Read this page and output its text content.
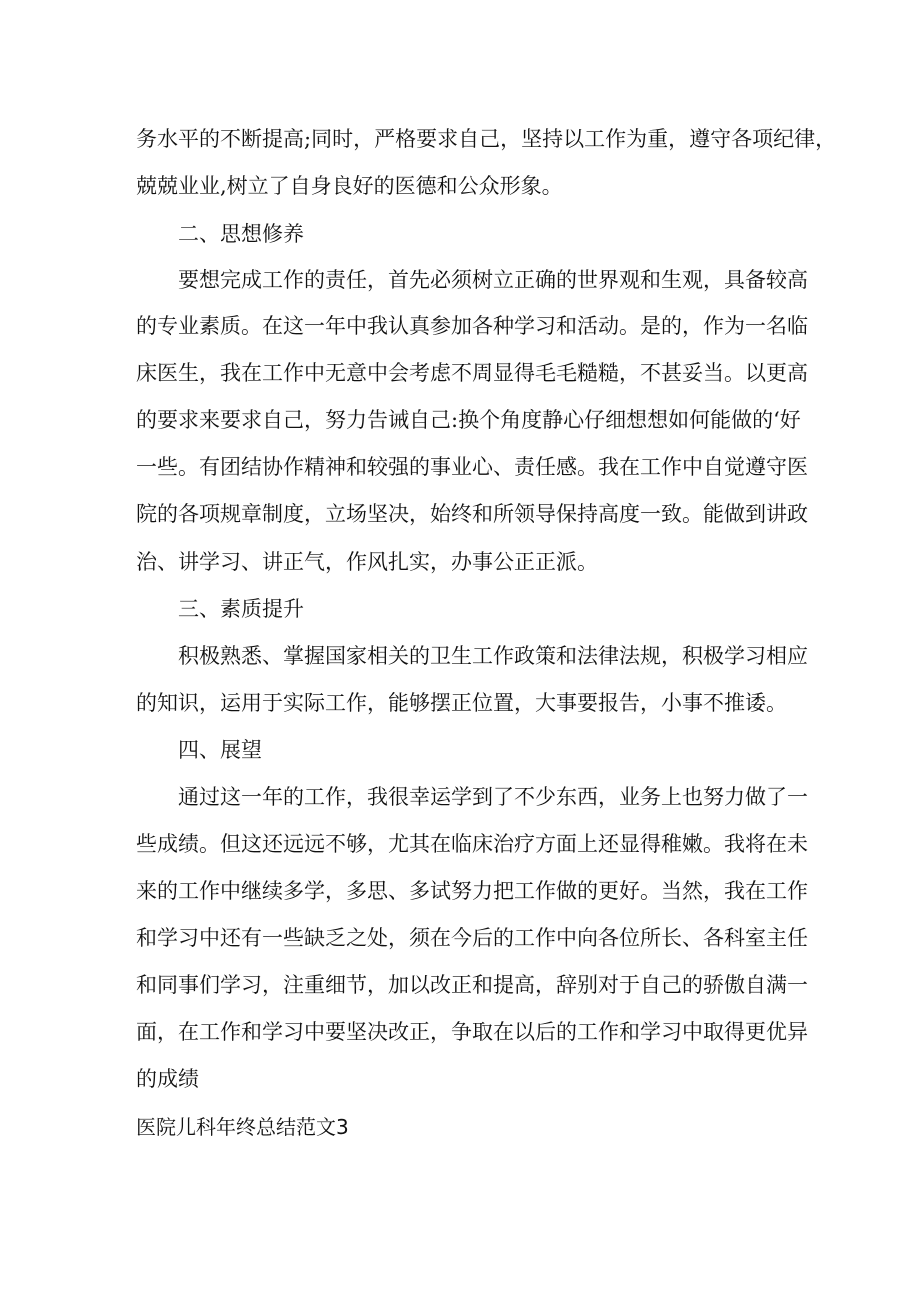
务水平的不断提高;同时，严格要求自己，坚持以工作为重，遵守各项纪律，
兢兢业业,树立了自身良好的医德和公众形象。
二、思想修养
要想完成工作的责任，首先必须树立正确的世界观和生观，具备较高
的专业素质。在这一年中我认真参加各种学习和活动。是的，作为一名临
床医生，我在工作中无意中会考虑不周显得毛毛糙糙，不甚妥当。以更高
的要求来要求自己，努力告诫自己:换个角度静心仔细想想如何能做的‘好
一些。有团结协作精神和较强的事业心、责任感。我在工作中自觉遵守医
院的各项规章制度，立场坚决，始终和所领导保持高度一致。能做到讲政
治、讲学习、讲正气，作风扎实，办事公正正派。
三、素质提升
积极熟悉、掌握国家相关的卫生工作政策和法律法规，积极学习相应
的知识，运用于实际工作，能够摆正位置，大事要报告，小事不推诿。
四、展望
通过这一年的工作，我很幸运学到了不少东西，业务上也努力做了一
些成绩。但这还远远不够，尤其在临床治疗方面上还显得稚嫩。我将在未
来的工作中继续多学，多思、多试努力把工作做的更好。当然，我在工作
和学习中还有一些缺乏之处，须在今后的工作中向各位所长、各科室主任
和同事们学习，注重细节，加以改正和提高，辞别对于自己的骄傲自满一
面，在工作和学习中要坚决改正，争取在以后的工作和学习中取得更优异
的成绩
医院儿科年终总结范文3
